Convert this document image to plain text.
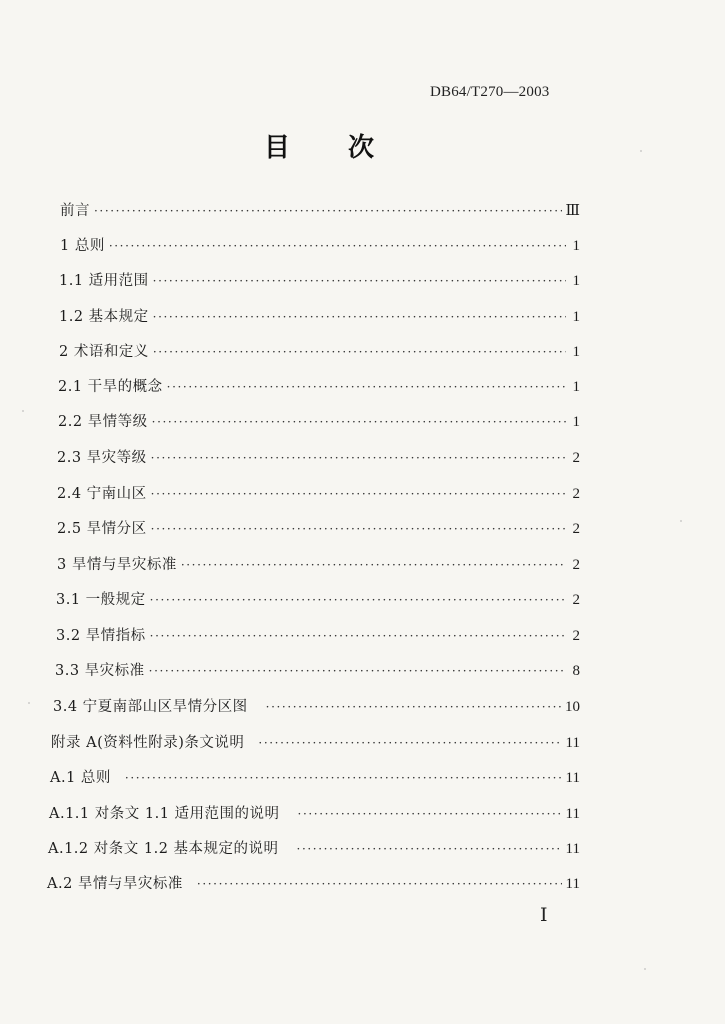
DB64/T270—2003
目 次
前言 ·····	Ⅲ
1 总则 ·····	1
1.1 适用范围 ·····	1
1.2 基本规定 ·····	1
2 术语和定义 ·····	1
2.1 干旱的概念 ·····	1
2.2 旱情等级 ·····	1
2.3 旱灾等级 ·····	2
2.4 宁南山区 ·····	2
2.5 旱情分区 ·····	2
3 旱情与旱灾标准 ·····	2
3.1 一般规定 ·····	2
3.2 旱情指标 ·····	2
3.3 旱灾标准 ·····	8
3.4 宁夏南部山区旱情分区图 ·····	10
附录 A(资料性附录)条文说明 ·····	11
A.1 总则 ·····	11
A.1.1 对条文 1.1 适用范围的说明 ·····	11
A.1.2 对条文 1.2 基本规定的说明 ·····	11
A.2 旱情与旱灾标准 ·····	11
Ⅰ
